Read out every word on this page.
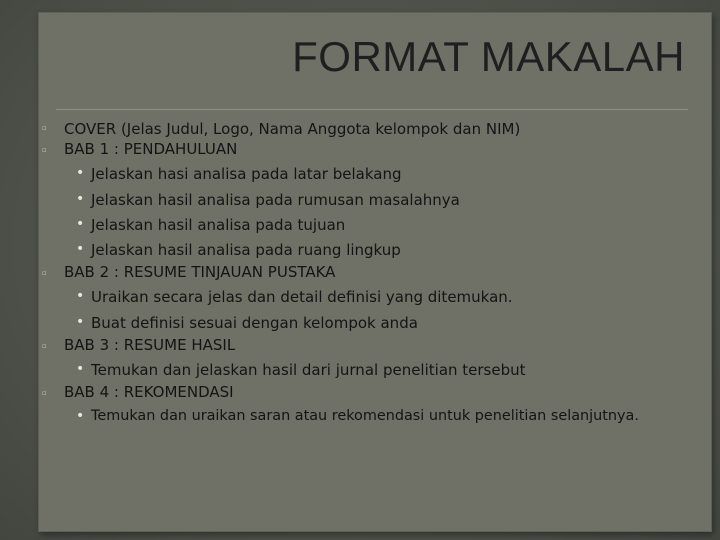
FORMAT MAKALAH
▫	COVER (Jelas Judul, Logo, Nama Anggota kelompok dan NIM)
▫	BAB 1 : PENDAHULUAN
• Jelaskan hasi analisa pada latar belakang
• Jelaskan hasil analisa pada rumusan masalahnya
• Jelaskan hasil analisa pada tujuan
• Jelaskan hasil analisa pada ruang lingkup
▫	BAB 2 : RESUME TINJAUAN PUSTAKA
• Uraikan secara jelas dan detail definisi yang ditemukan.
• Buat definisi sesuai dengan kelompok anda
▫	BAB 3 : RESUME HASIL
• Temukan dan jelaskan hasil dari jurnal penelitian tersebut
▫	BAB 4 : REKOMENDASI
• Temukan dan uraikan saran atau rekomendasi untuk penelitian selanjutnya.
